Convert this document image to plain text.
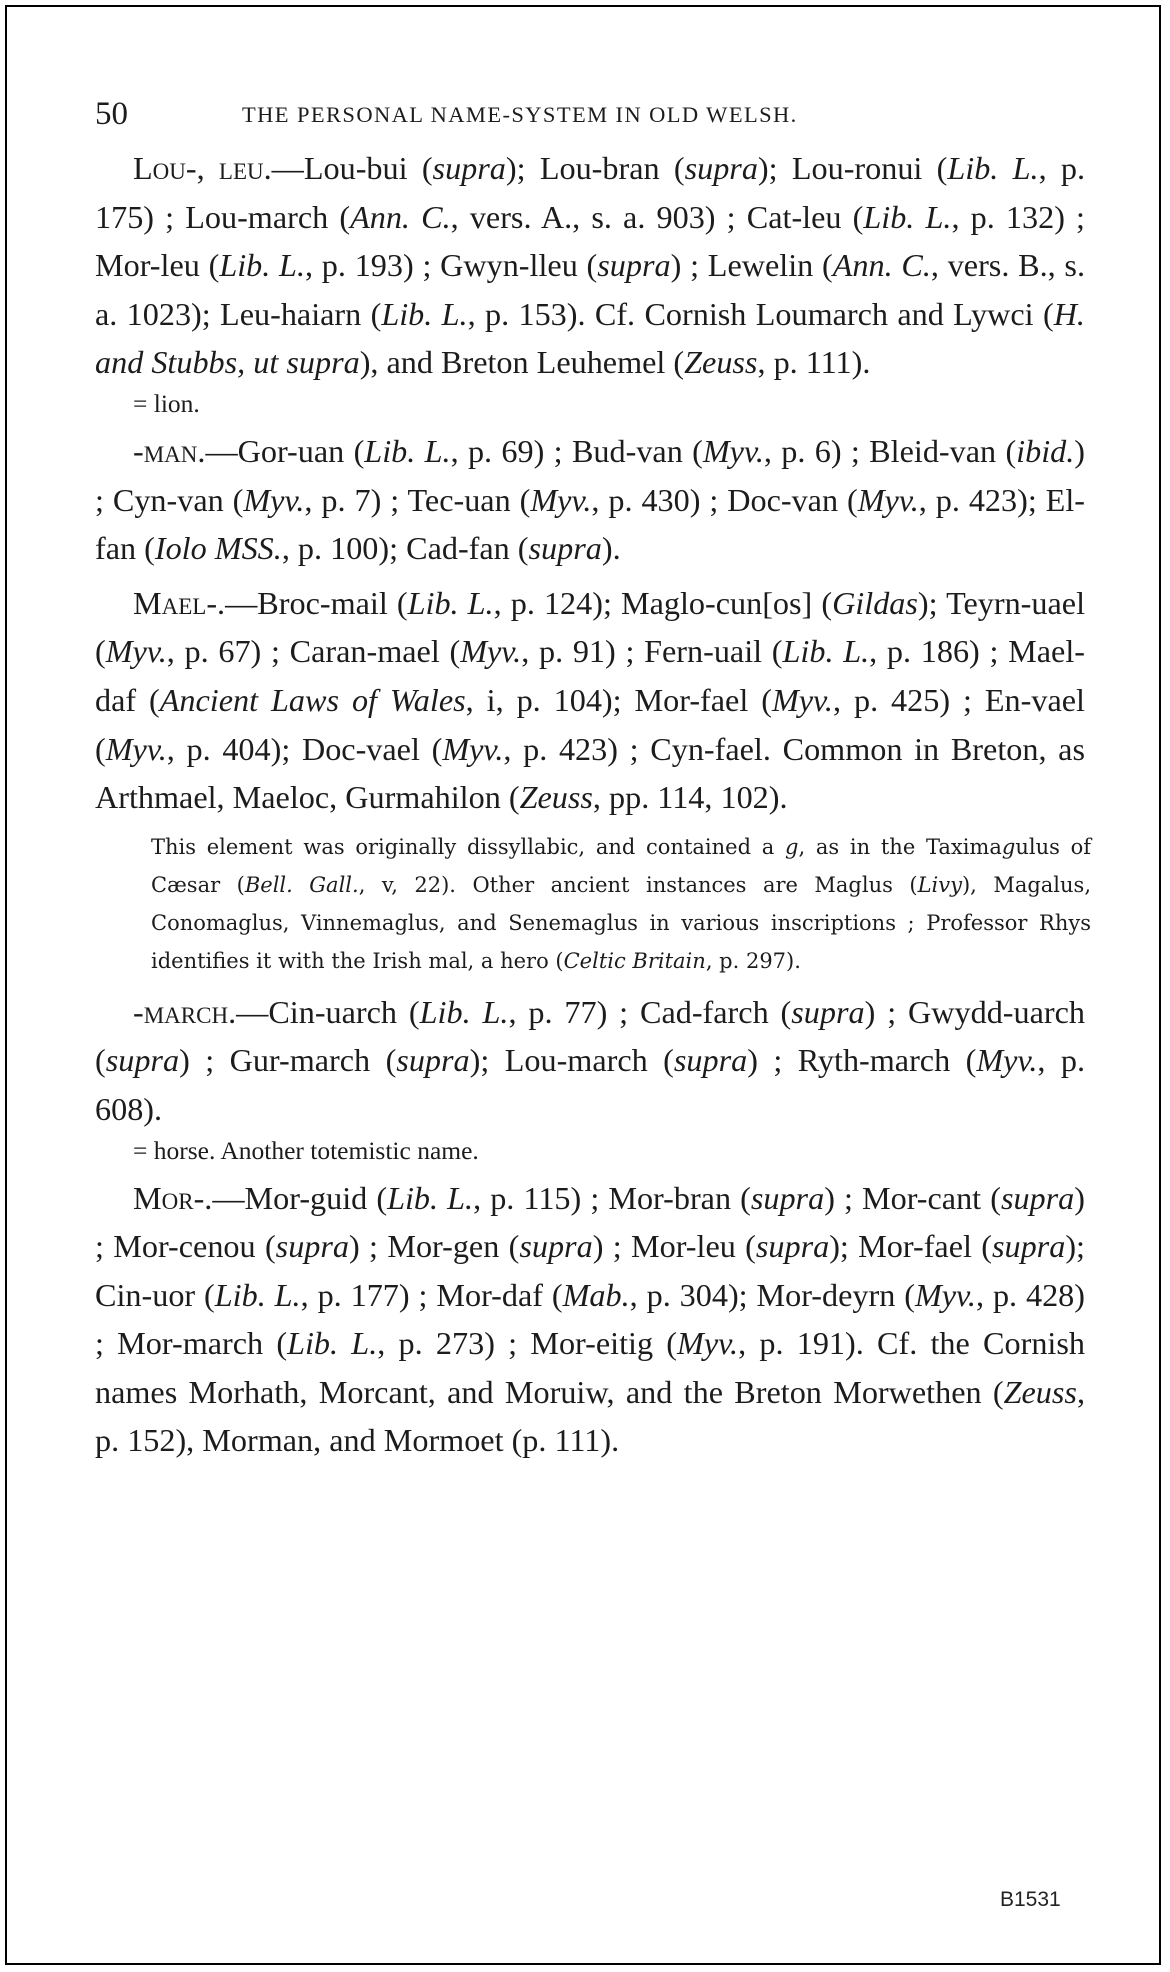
50	THE PERSONAL NAME-SYSTEM IN OLD WELSH.

Lou-, leu.—Lou-bui (supra); Lou-bran (supra); Lou-ronui (Lib. L., p. 175) ; Lou-march (Ann. C., vers. A., s. a. 903) ; Cat-leu (Lib. L., p. 132) ; Mor-leu (Lib. L., p. 193) ; Gwyn-lleu (supra) ; Lewelin (Ann. C., vers. B., s. a. 1023); Leu-haiarn (Lib. L., p. 153). Cf. Cornish Loumarch and Lywci (H. and Stubbs, ut supra), and Breton Leuhemel (Zeuss, p. 111).

= lion.

-man.—Gor-uan (Lib. L., p. 69) ; Bud-van (Myv., p. 6) ; Bleid-van (ibid.) ; Cyn-van (Myv., p. 7) ; Tec-uan (Myv., p. 430) ; Doc-van (Myv., p. 423); El-fan (Iolo MSS., p. 100); Cad-fan (supra).

Mael-.—Broc-mail (Lib. L., p. 124); Maglo-cun[os] (Gildas); Teyrn-uael (Myv., p. 67) ; Caran-mael (Myv., p. 91) ; Fern-uail (Lib. L., p. 186) ; Mael-daf (Ancient Laws of Wales, i, p. 104); Mor-fael (Myv., p. 425) ; En-vael (Myv., p. 404); Doc-vael (Myv., p. 423) ; Cyn-fael. Common in Breton, as Arthmael, Maeloc, Gurmahilon (Zeuss, pp. 114, 102).

This element was originally dissyllabic, and contained a g, as in the Taximagulus of Cæsar (Bell. Gall., v, 22). Other ancient instances are Maglus (Livy), Magalus, Conomaglus, Vinnemaglus, and Senemaglus in various inscriptions ; Professor Rhys identifies it with the Irish mal, a hero (Celtic Britain, p. 297).

-march.—Cin-uarch (Lib. L., p. 77) ; Cad-farch (supra) ; Gwydd-uarch (supra) ; Gur-march (supra); Lou-march (supra) ; Ryth-march (Myv., p. 608).

= horse. Another totemistic name.

Mor-.—Mor-guid (Lib. L., p. 115) ; Mor-bran (supra) ; Mor-cant (supra) ; Mor-cenou (supra) ; Mor-gen (supra) ; Mor-leu (supra); Mor-fael (supra); Cin-uor (Lib. L., p. 177) ; Mor-daf (Mab., p. 304); Mor-deyrn (Myv., p. 428) ; Mor-march (Lib. L., p. 273) ; Mor-eitig (Myv., p. 191). Cf. the Cornish names Morhath, Morcant, and Moruiw, and the Breton Morwethen (Zeuss, p. 152), Morman, and Mormoet (p. 111).

B1531
